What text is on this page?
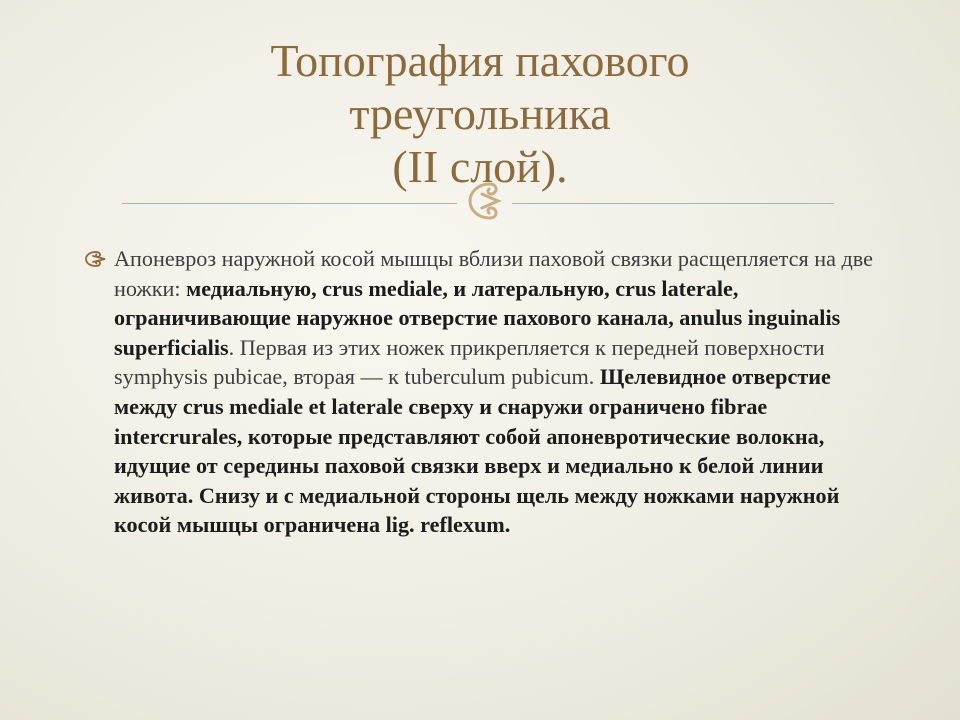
Топография пахового
треугольника
(II слой).
Апоневроз наружной косой мышцы вблизи паховой связки расщепляется на две ножки: медиальную, crus mediale, и латеральную, crus laterale, ограничивающие наружное отверстие пахового канала, anulus inguinalis superficialis. Первая из этих ножек прикрепляется к передней поверхности symphysis pubicae, вторая — к tuberculum pubicum. Щелевидное отверстие между crus mediale et laterale сверху и снаружи ограничено fibrae intercrurales, которые представляют собой апоневротические волокна, идущие от середины паховой связки вверх и медиально к белой линии живота. Снизу и с медиальной стороны щель между ножками наружной косой мышцы ограничена lig. reflexum.
